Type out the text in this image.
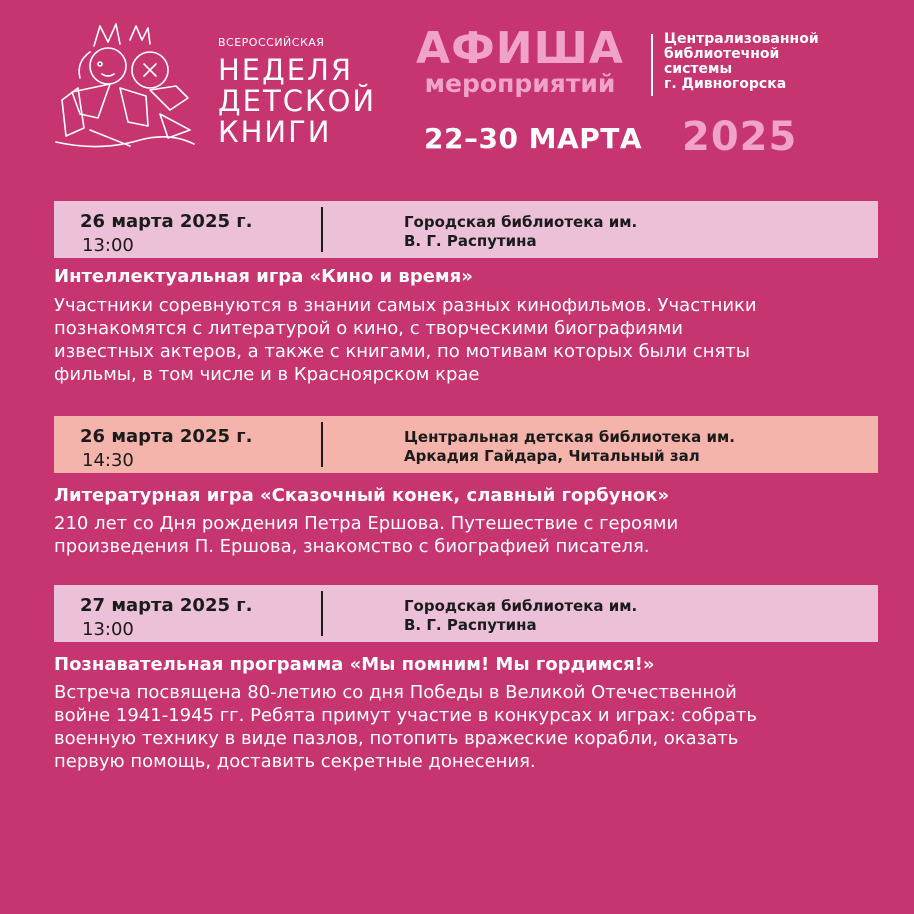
ВСЕРОССИЙСКАЯ
НЕДЕЛЯ
ДЕТСКОЙ
КНИГИ
АФИША
мероприятий
Централизованной
библиотечной
системы
г. Дивногорска
22–30 МАРТА 2025
26 марта 2025 г.
13:00
Городская библиотека им.
В. Г. Распутина
Интеллектуальная игра «Кино и время»
Участники соревнуются в знании самых разных кинофильмов. Участники
познакомятся с литературой о кино, с творческими биографиями
известных актеров, а также с книгами, по мотивам которых были сняты
фильмы, в том числе и в Красноярском крае
26 марта 2025 г.
14:30
Центральная детская библиотека им.
Аркадия Гайдара, Читальный зал
Литературная игра «Сказочный конек, славный горбунок»
210 лет со Дня рождения Петра Ершова. Путешествие с героями
произведения П. Ершова, знакомство с биографией писателя.
27 марта 2025 г.
13:00
Городская библиотека им.
В. Г. Распутина
Познавательная программа «Мы помним! Мы гордимся!»
Встреча посвящена 80-летию со дня Победы в Великой Отечественной
войне 1941-1945 гг. Ребята примут участие в конкурсах и играх: собрать
военную технику в виде пазлов, потопить вражеские корабли, оказать
первую помощь, доставить секретные донесения.
